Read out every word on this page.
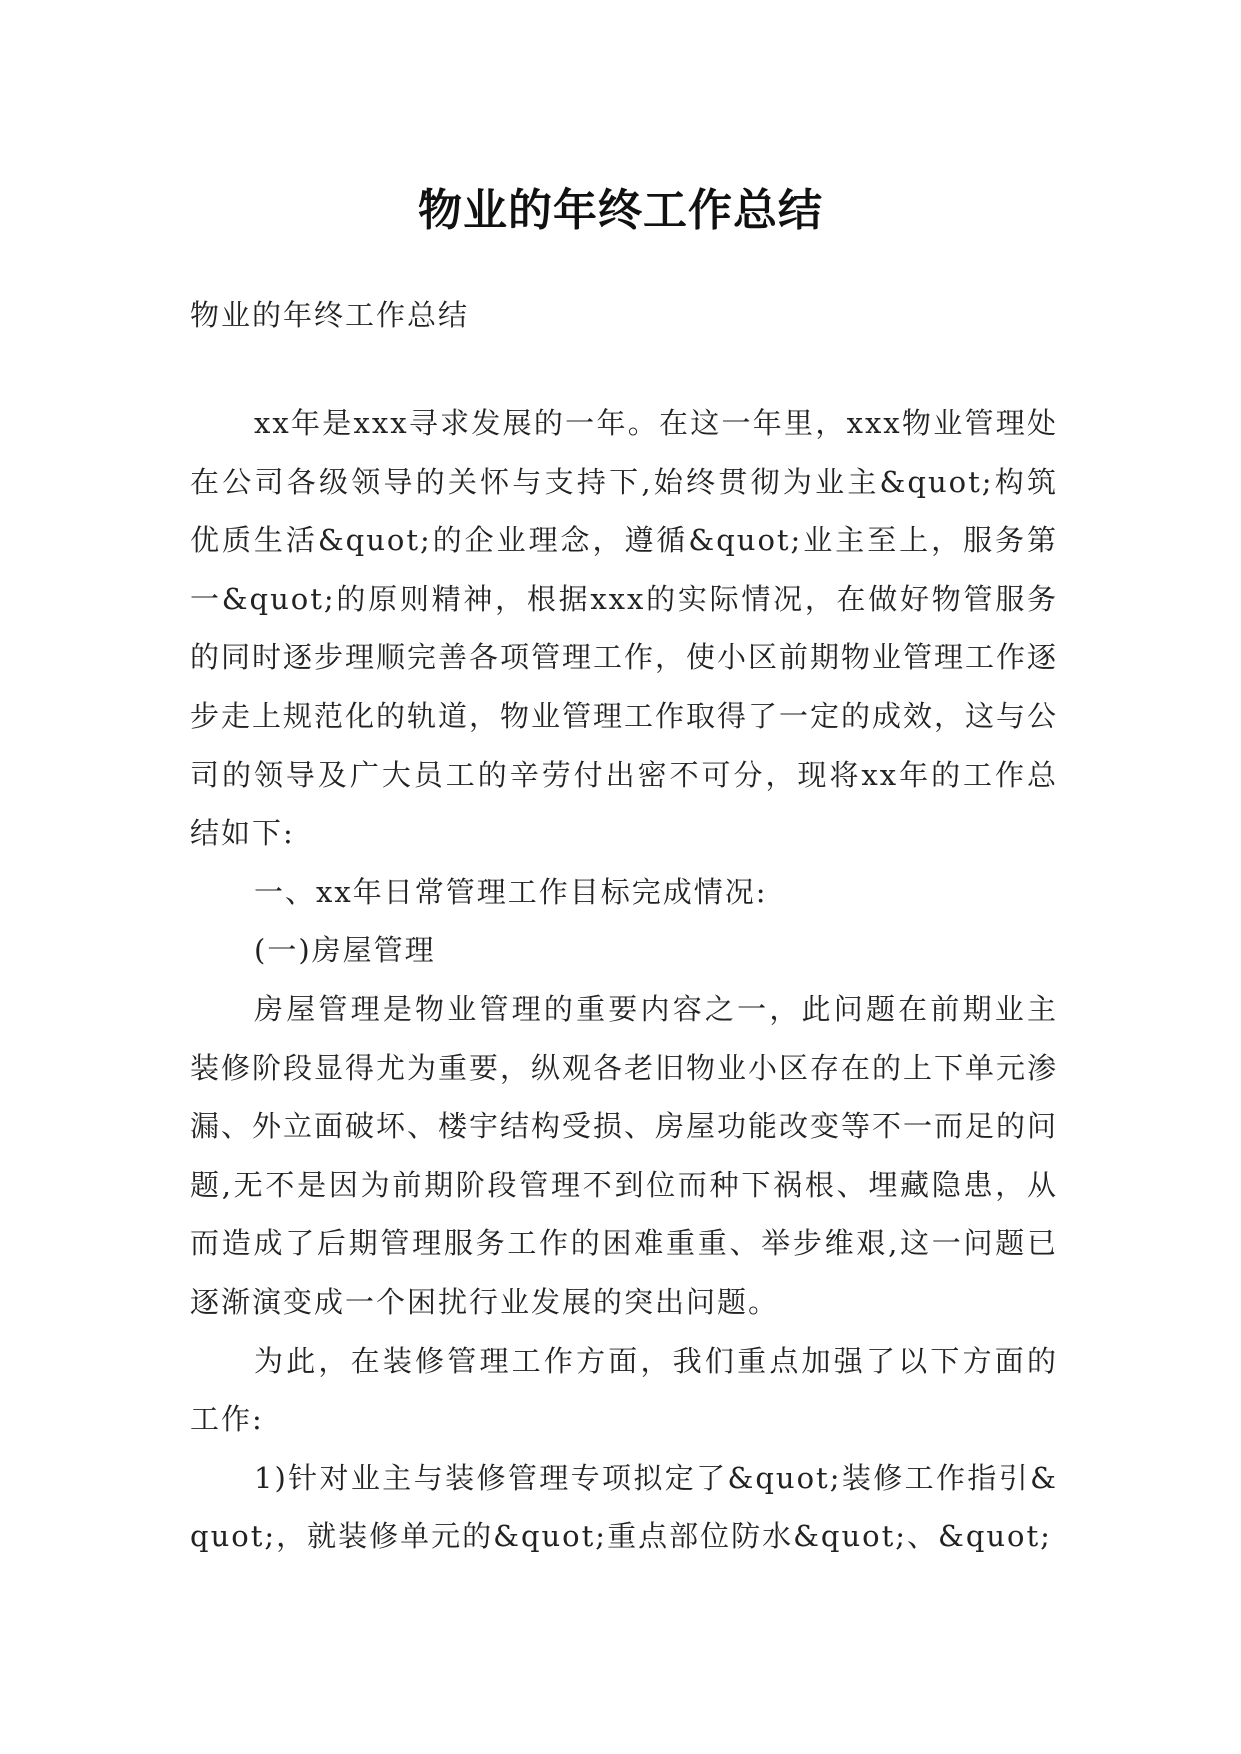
物业的年终工作总结

物业的年终工作总结

xx年是xxx寻求发展的一年。在这一年里，xxx物业管理处在公司各级领导的关怀与支持下,始终贯彻为业主&quot;构筑优质生活&quot;的企业理念，遵循&quot;业主至上，服务第一&quot;的原则精神，根据xxx的实际情况，在做好物管服务的同时逐步理顺完善各项管理工作，使小区前期物业管理工作逐步走上规范化的轨道，物业管理工作取得了一定的成效，这与公司的领导及广大员工的辛劳付出密不可分，现将xx年的工作总结如下:

一、xx年日常管理工作目标完成情况:

(一)房屋管理

房屋管理是物业管理的重要内容之一，此问题在前期业主装修阶段显得尤为重要，纵观各老旧物业小区存在的上下单元渗漏、外立面破坏、楼宇结构受损、房屋功能改变等不一而足的问题,无不是因为前期阶段管理不到位而种下祸根、埋藏隐患，从而造成了后期管理服务工作的困难重重、举步维艰,这一问题已逐渐演变成一个困扰行业发展的突出问题。

为此，在装修管理工作方面，我们重点加强了以下方面的工作:

1)针对业主与装修管理专项拟定了&quot;装修工作指引&quot;，就装修单元的&quot;重点部位防水&quot;、&quot;
